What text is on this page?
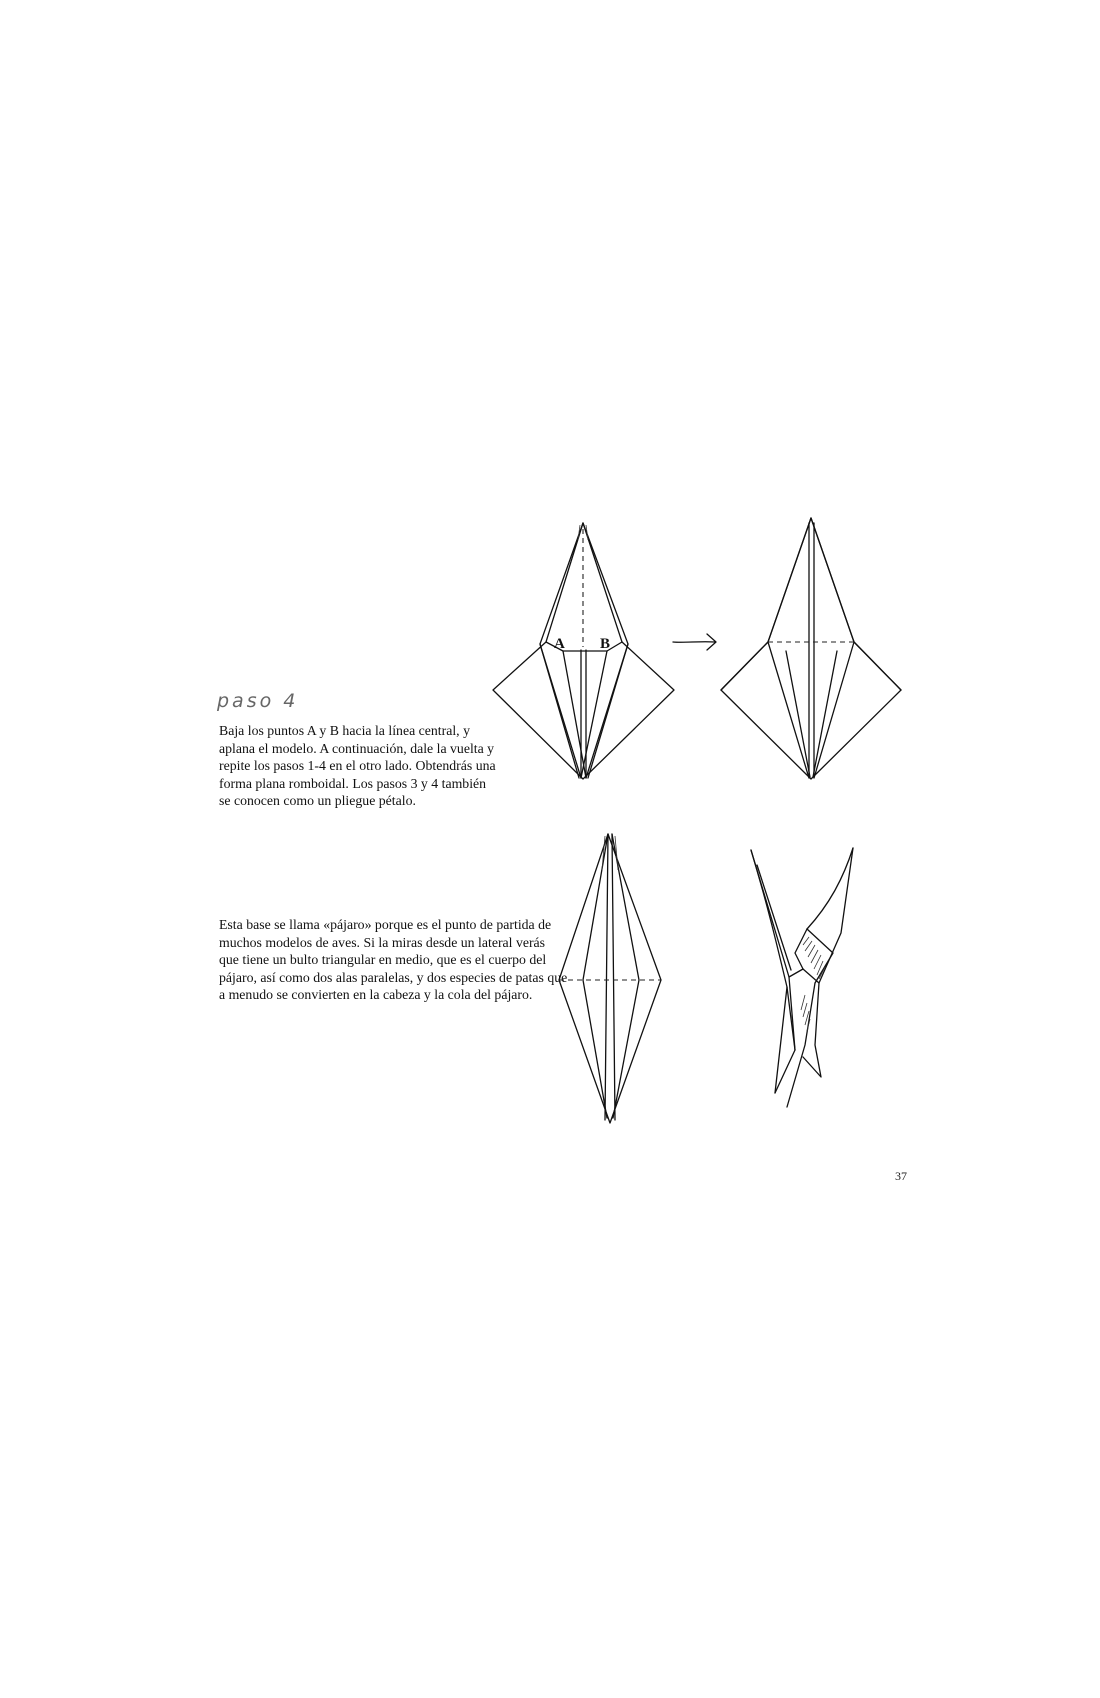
paso 4

Baja los puntos A y B hacia la línea central, y
aplana el modelo. A continuación, dale la vuelta y
repite los pasos 1-4 en el otro lado. Obtendrás una
forma plana romboidal. Los pasos 3 y 4 también
se conocen como un pliegue pétalo.

Esta base se llama «pájaro» porque es el punto de partida de
muchos modelos de aves. Si la miras desde un lateral verás
que tiene un bulto triangular en medio, que es el cuerpo del
pájaro, así como dos alas paralelas, y dos especies de patas que
a menudo se convierten en la cabeza y la cola del pájaro.

A B
37
